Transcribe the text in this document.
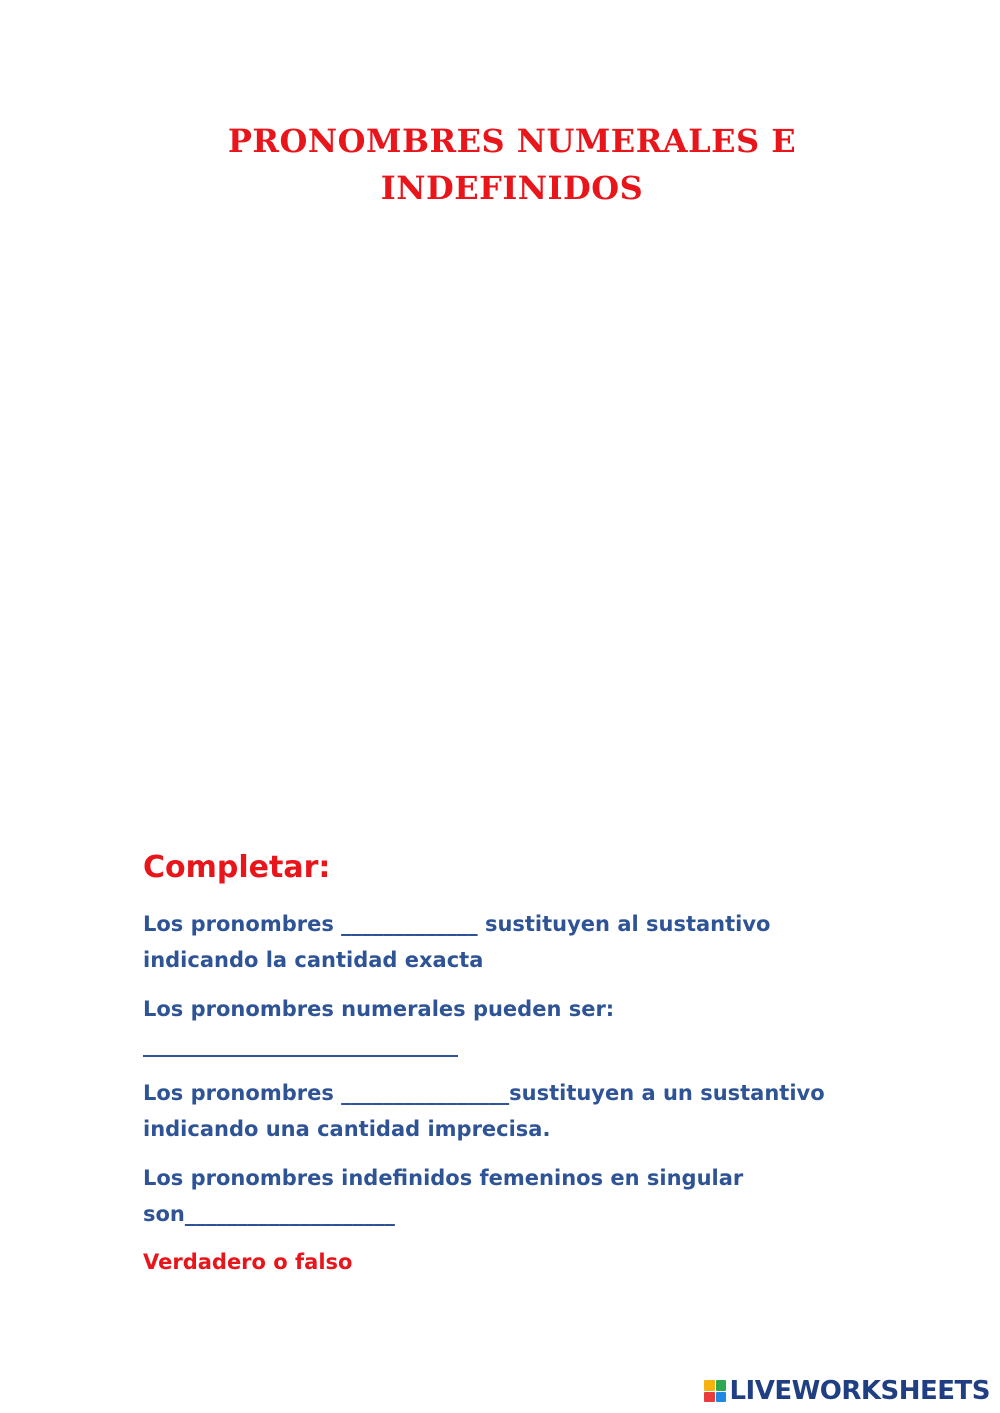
PRONOMBRES NUMERALES E
INDEFINIDOS
Completar:
Los pronombres _____________ sustituyen al sustantivo
indicando la cantidad exacta
Los pronombres numerales pueden ser:
______________________________
Los pronombres ________________sustituyen a un sustantivo
indicando una cantidad imprecisa.
Los pronombres indefinidos femeninos en singular
son____________________
Verdadero o falso
LIVEWORKSHEETS
